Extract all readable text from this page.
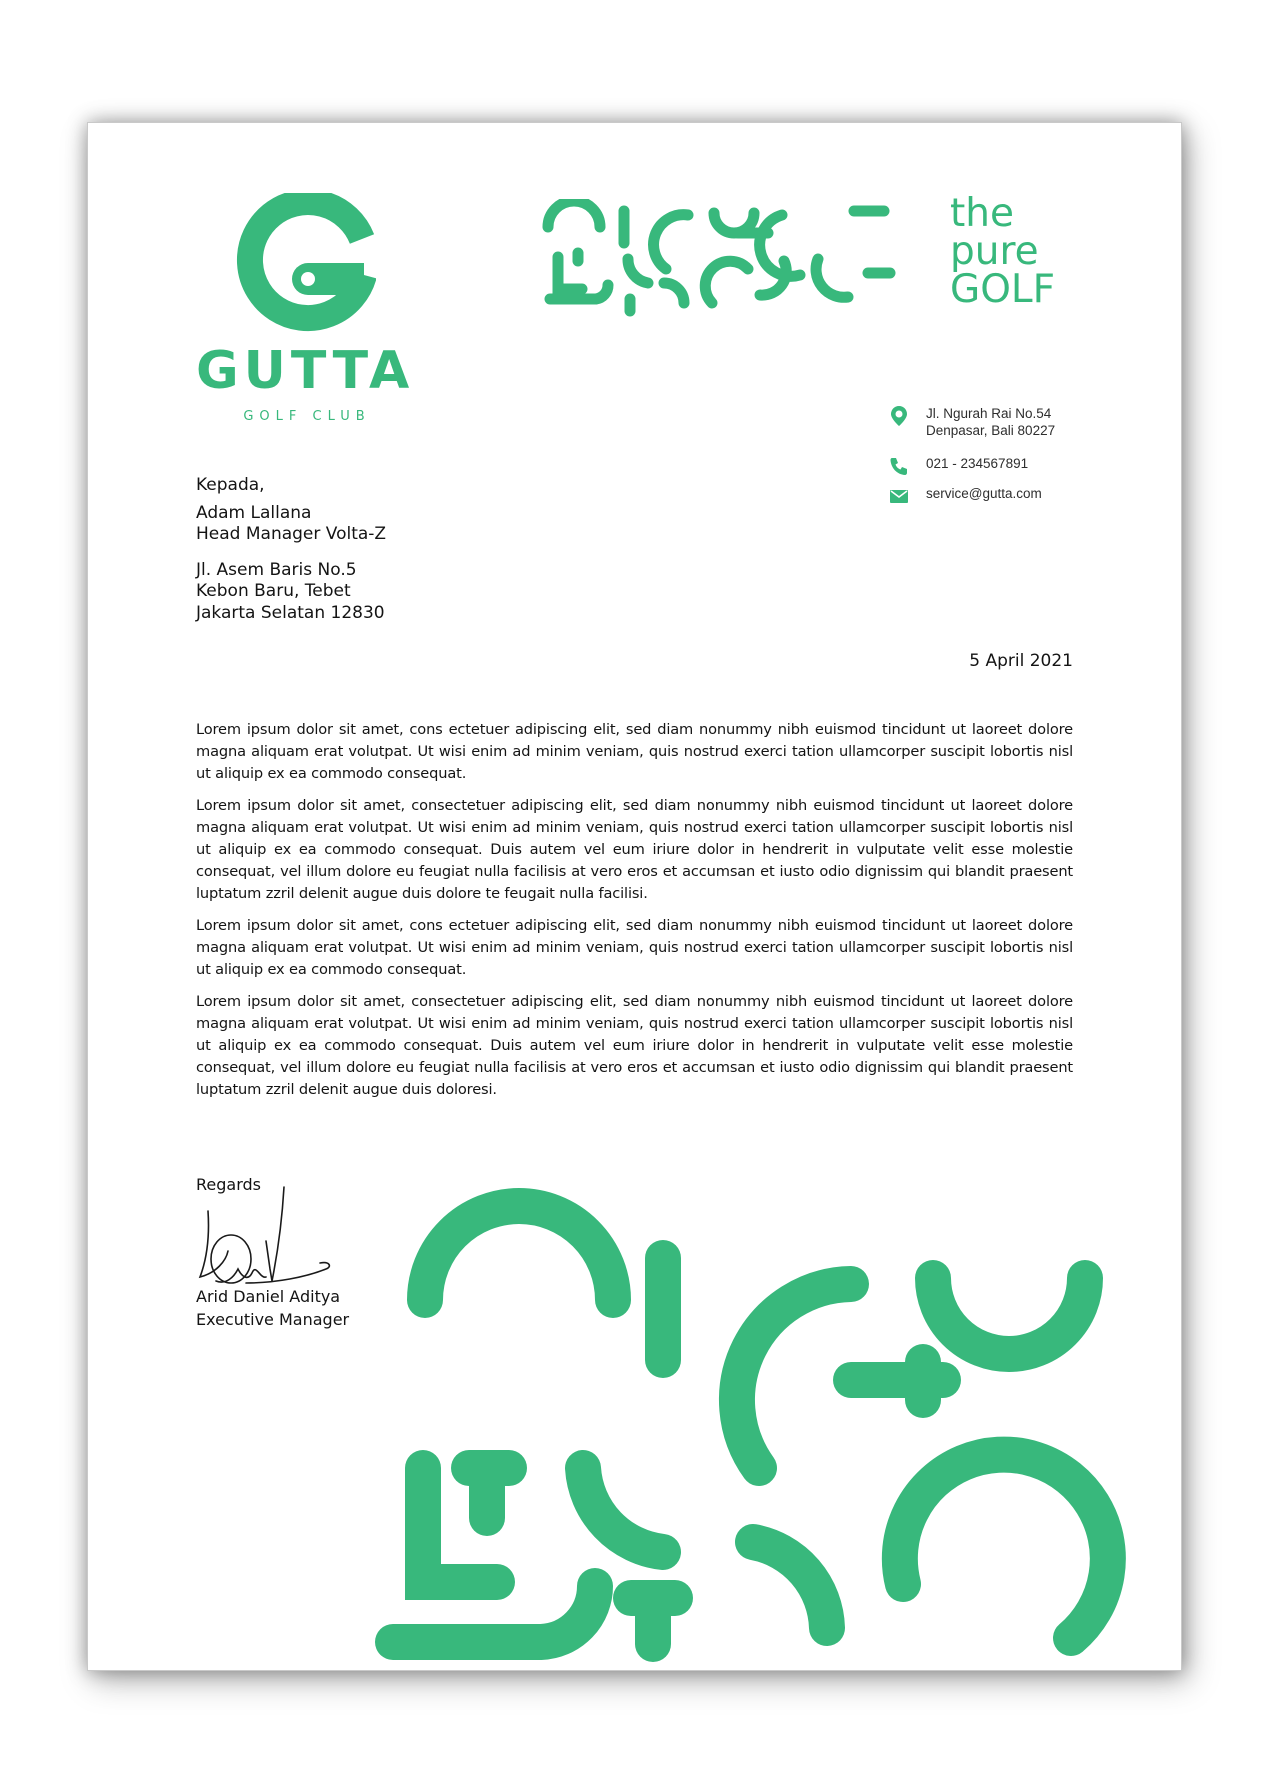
GUTTA
GOLF CLUB
the
pure
GOLF
Jl. Ngurah Rai No.54
Denpasar, Bali 80227
021 - 234567891
service@gutta.com
Kepada,
Adam Lallana
Head Manager Volta-Z
Jl. Asem Baris No.5
Kebon Baru, Tebet
Jakarta Selatan 12830
5 April 2021

Lorem ipsum dolor sit amet, cons ectetuer adipiscing elit, sed diam nonummy nibh euismod tincidunt ut laoreet dolore magna aliquam erat volutpat. Ut wisi enim ad minim veniam, quis nostrud exerci tation ullamcorper suscipit lobortis nisl ut aliquip ex ea commodo consequat.

Lorem ipsum dolor sit amet, consectetuer adipiscing elit, sed diam nonummy nibh euismod tincidunt ut laoreet dolore magna aliquam erat volutpat. Ut wisi enim ad minim veniam, quis nostrud exerci tation ullamcorper suscipit lobortis nisl ut aliquip ex ea commodo consequat. Duis autem vel eum iriure dolor in hendrerit in vulputate velit esse molestie consequat, vel illum dolore eu feugiat nulla facilisis at vero eros et accumsan et iusto odio dignissim qui blandit praesent luptatum zzril delenit augue duis dolore te feugait nulla facilisi.

Lorem ipsum dolor sit amet, cons ectetuer adipiscing elit, sed diam nonummy nibh euismod tincidunt ut laoreet dolore magna aliquam erat volutpat. Ut wisi enim ad minim veniam, quis nostrud exerci tation ullamcorper suscipit lobortis nisl ut aliquip ex ea commodo consequat.

Lorem ipsum dolor sit amet, consectetuer adipiscing elit, sed diam nonummy nibh euismod tincidunt ut laoreet dolore magna aliquam erat volutpat. Ut wisi enim ad minim veniam, quis nostrud exerci tation ullamcorper suscipit lobortis nisl ut aliquip ex ea commodo consequat. Duis autem vel eum iriure dolor in hendrerit in vulputate velit esse molestie consequat, vel illum dolore eu feugiat nulla facilisis at vero eros et accumsan et iusto odio dignissim qui blandit praesent luptatum zzril delenit augue duis doloresi.

Regards
Arid Daniel Aditya
Executive Manager
